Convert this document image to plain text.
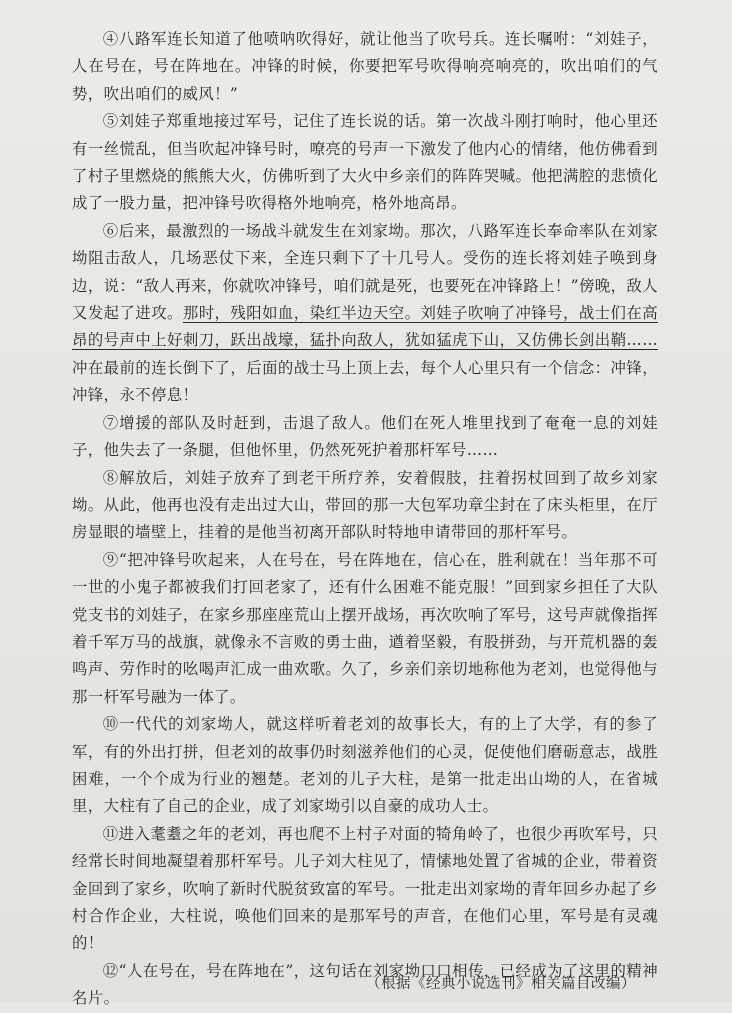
④八路军连长知道了他喷呐吹得好，就让他当了吹号兵。连长嘱咐：“刘娃子，人在号在，号在阵地在。冲锋的时候，你要把军号吹得响亮响亮的，吹出咱们的气势，吹出咱们的威风！”

⑤刘娃子郑重地接过军号，记住了连长说的话。第一次战斗刚打响时，他心里还有一丝慌乱，但当吹起冲锋号时，嘹亮的号声一下激发了他内心的情绪，他仿佛看到了村子里燃烧的熊熊大火，仿佛听到了大火中乡亲们的阵阵哭喊。他把满腔的悲愤化成了一股力量，把冲锋号吹得格外地响亮，格外地高昂。

⑥后来，最激烈的一场战斗就发生在刘家坳。那次，八路军连长奉命率队在刘家坳阻击敌人，几场恶仗下来，全连只剩下了十几号人。受伤的连长将刘娃子唤到身边，说：“敌人再来，你就吹冲锋号，咱们就是死，也要死在冲锋路上！”傍晚，敌人又发起了进攻。那时，残阳如血，染红半边天空。刘娃子吹响了冲锋号，战士们在高昂的号声中上好刺刀，跃出战壕，猛扑向敌人，犹如猛虎下山，又仿佛长剑出鞘……冲在最前的连长倒下了，后面的战士马上顶上去，每个人心里只有一个信念：冲锋，冲锋，永不停息！

⑦增援的部队及时赶到，击退了敌人。他们在死人堆里找到了奄奄一息的刘娃子，他失去了一条腿，但他怀里，仍然死死护着那杆军号……

⑧解放后，刘娃子放弃了到老干所疗养，安着假肢，拄着拐杖回到了故乡刘家坳。从此，他再也没有走出过大山，带回的那一大包军功章尘封在了床头柜里，在厅房显眼的墙壁上，挂着的是他当初离开部队时特地申请带回的那杆军号。

⑨“把冲锋号吹起来，人在号在，号在阵地在，信心在，胜利就在！当年那不可一世的小鬼子都被我们打回老家了，还有什么困难不能克服！”回到家乡担任了大队党支书的刘娃子，在家乡那座座荒山上摆开战场，再次吹响了军号，这号声就像指挥着千军万马的战旗，就像永不言败的勇士曲，遒着坚毅，有股拼劲，与开荒机器的轰鸣声、劳作时的吆喝声汇成一曲欢歌。久了，乡亲们亲切地称他为老刘，也觉得他与那一杆军号融为一体了。

⑩一代代的刘家坳人，就这样听着老刘的故事长大，有的上了大学，有的参了军，有的外出打拼，但老刘的故事仍时刻滋养他们的心灵，促使他们磨砺意志，战胜困难，一个个成为行业的翘楚。老刘的儿子大柱，是第一批走出山坳的人，在省城里，大柱有了自己的企业，成了刘家坳引以自豪的成功人士。

⑪进入耄耋之年的老刘，再也爬不上村子对面的犄角岭了，也很少再吹军号，只经常长时间地凝望着那杆军号。儿子刘大柱见了，情愫地处置了省城的企业，带着资金回到了家乡，吹响了新时代脱贫致富的军号。一批走出刘家坳的青年回乡办起了乡村合作企业，大柱说，唤他们回来的是那军号的声音，在他们心里，军号是有灵魂的！

⑫“人在号在，号在阵地在”，这句话在刘家坳口口相传，已经成为了这里的精神名片。

（根据《经典小说选刊》相关篇目改编）
